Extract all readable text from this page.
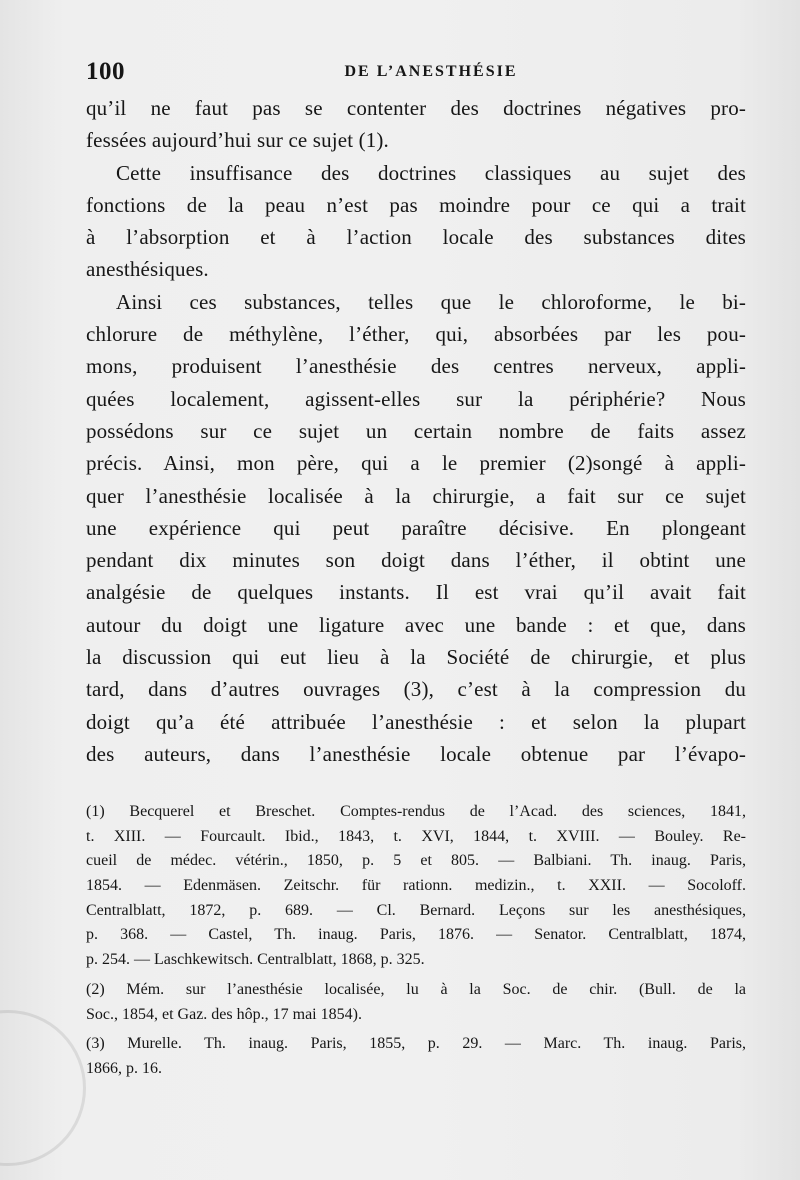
100	DE L’ANESTHÉSIE
qu’il ne faut pas se contenter des doctrines négatives pro-
fessées aujourd’hui sur ce sujet (1).
Cette insuffisance des doctrines classiques au sujet des
fonctions de la peau n’est pas moindre pour ce qui a trait
à l’absorption et à l’action locale des substances dites
anesthésiques.
Ainsi ces substances, telles que le chloroforme, le bi-
chlorure de méthylène, l’éther, qui, absorbées par les pou-
mons, produisent l’anesthésie des centres nerveux, appli-
quées localement, agissent-elles sur la périphérie? Nous
possédons sur ce sujet un certain nombre de faits assez
précis. Ainsi, mon père, qui a le premier (2)songé à appli-
quer l’anesthésie localisée à la chirurgie, a fait sur ce sujet
une expérience qui peut paraître décisive. En plongeant
pendant dix minutes son doigt dans l’éther, il obtint une
analgésie de quelques instants. Il est vrai qu’il avait fait
autour du doigt une ligature avec une bande : et que, dans
la discussion qui eut lieu à la Société de chirurgie, et plus
tard, dans d’autres ouvrages (3), c’est à la compression du
doigt qu’a été attribuée l’anesthésie : et selon la plupart
des auteurs, dans l’anesthésie locale obtenue par l’évapo-
(1) Becquerel et Breschet. Comptes-rendus de l’Acad. des sciences, 1841,
t. XIII. — Fourcault. Ibid., 1843, t. XVI, 1844, t. XVIII. — Bouley. Re-
cueil de médec. vétérin., 1850, p. 5 et 805. — Balbiani. Th. inaug. Paris,
1854. — Edenmäsen. Zeitschr. für rationn. medizin., t. XXII. — Socoloff.
Centralblatt, 1872, p. 689. — Cl. Bernard. Leçons sur les anesthésiques,
p. 368. — Castel, Th. inaug. Paris, 1876. — Senator. Centralblatt, 1874,
p. 254. — Laschkewitsch. Centralblatt, 1868, p. 325.
(2) Mém. sur l’anesthésie localisée, lu à la Soc. de chir. (Bull. de la
Soc., 1854, et Gaz. des hôp., 17 mai 1854).
(3) Murelle. Th. inaug. Paris, 1855, p. 29. — Marc. Th. inaug. Paris,
1866, p. 16.
